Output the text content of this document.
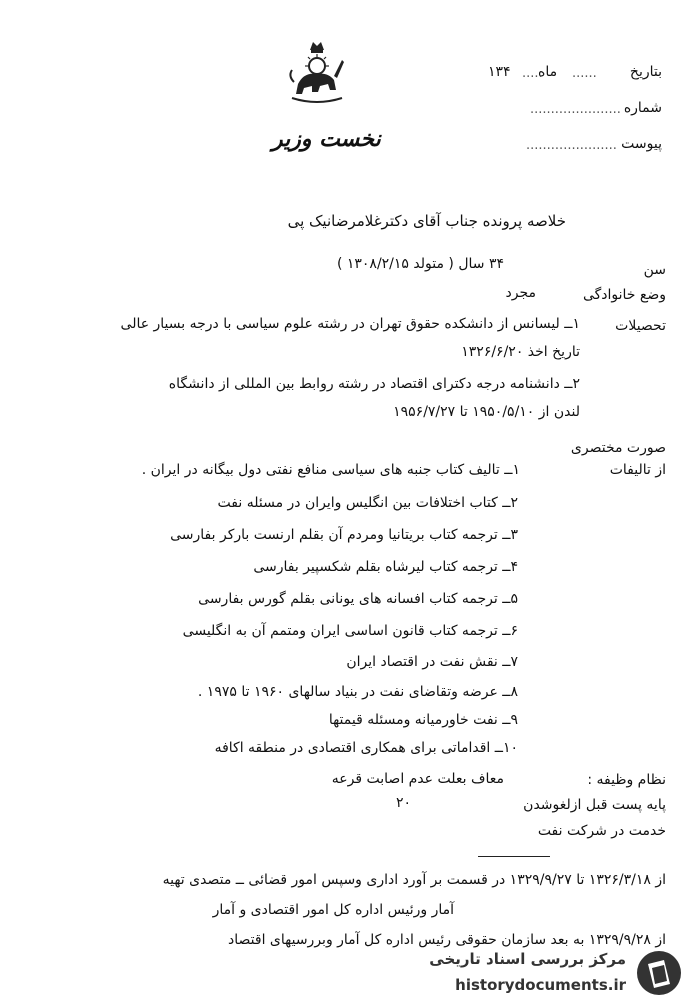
نخست وزیر
بتاریخ
......
ماه
.....
۱۳۴
شماره
......................
پیوست
......................
خلاصه پرونده جناب آقای دکترغلامرضانیک پی
سن
۳۴ سال ( متولد ۱۳۰۸/۲/۱۵ )
وضع خانوادگی
مجرد
تحصیلات
۱ــ لیسانس از دانشکده حقوق تهران در رشته علوم سیاسی با درجه بسیار عالی
تاریخ اخذ ۱۳۲۶/۶/۲۰
۲ــ دانشنامه درجه دکترای اقتصاد در رشته روابط بین المللی از دانشگاه
لندن از ۱۹۵۰/۵/۱۰ تا ۱۹۵۶/۷/۲۷
صورت مختصری
از تالیفات
۱ــ تالیف کتاب جنبه های سیاسی منافع نفتی دول بیگانه در ایران .
۲ــ کتاب اختلافات بین انگلیس وایران در مسئله نفت
۳ــ ترجمه کتاب بریتانیا ومردم آن بقلم ارنست بارکر بفارسی
۴ــ ترجمه کتاب لیرشاه بقلم شکسپیر بفارسی
۵ــ ترجمه کتاب افسانه های یونانی بقلم گورس بفارسی
۶ــ ترجمه کتاب قانون اساسی ایران ومتمم آن به انگلیسی
۷ــ نقش نفت در اقتصاد ایران
۸ــ عرضه وتقاضای نفت در بنیاد سالهای ۱۹۶۰ تا ۱۹۷۵ .
۹ــ نفت خاورمیانه ومسئله قیمتها
۱۰ــ اقداماتی برای همکاری اقتصادی در منطقه اکافه
نظام وظیفه :
معاف بعلت عدم اصابت قرعه
پایه پست قبل ازلغوشدن
۲۰
خدمت در شرکت نفت
از ۱۳۲۶/۳/۱۸ تا ۱۳۲۹/۹/۲۷ در قسمت بر آورد اداری وسپس امور قضائی ــ متصدی تهیه
آمار ورئیس اداره کل امور اقتصادی و آمار
از ۱۳۲۹/۹/۲۸ به بعد سازمان حقوقی رئیس اداره کل آمار وبررسیهای اقتصاد
مرکز بررسی اسناد تاریخی
historydocuments.ir
